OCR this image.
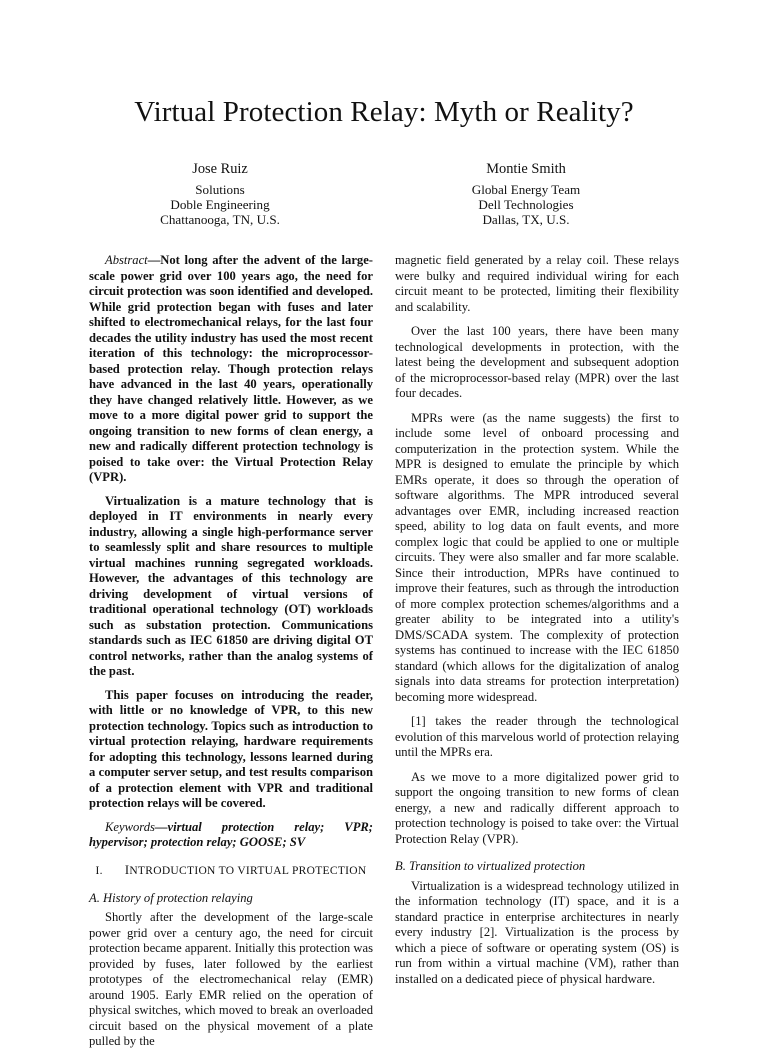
Virtual Protection Relay: Myth or Reality?
Jose Ruiz
Solutions
Doble Engineering
Chattanooga, TN, U.S.
Montie Smith
Global Energy Team
Dell Technologies
Dallas, TX, U.S.

Abstract—Not long after the advent of the large-scale power grid over 100 years ago, the need for circuit protection was soon identified and developed. While grid protection began with fuses and later shifted to electromechanical relays, for the last four decades the utility industry has used the most recent iteration of this technology: the microprocessor-based protection relay. Though protection relays have advanced in the last 40 years, operationally they have changed relatively little. However, as we move to a more digital power grid to support the ongoing transition to new forms of clean energy, a new and radically different protection technology is poised to take over: the Virtual Protection Relay (VPR).

Virtualization is a mature technology that is deployed in IT environments in nearly every industry, allowing a single high-performance server to seamlessly split and share resources to multiple virtual machines running segregated workloads. However, the advantages of this technology are driving development of virtual versions of traditional operational technology (OT) workloads such as substation protection. Communications standards such as IEC 61850 are driving digital OT control networks, rather than the analog systems of the past.

This paper focuses on introducing the reader, with little or no knowledge of VPR, to this new protection technology. Topics such as introduction to virtual protection relaying, hardware requirements for adopting this technology, lessons learned during a computer server setup, and test results comparison of a protection element with VPR and traditional protection relays will be covered.

Keywords—virtual protection relay; VPR; hypervisor; protection relay; GOOSE; SV

I. INTRODUCTION TO VIRTUAL PROTECTION
A. History of protection relaying

Shortly after the development of the large-scale power grid over a century ago, the need for circuit protection became apparent. Initially this protection was provided by fuses, later followed by the earliest prototypes of the electromechanical relay (EMR) around 1905. Early EMR relied on the operation of physical switches, which moved to break an overloaded circuit based on the physical movement of a plate pulled by the

magnetic field generated by a relay coil. These relays were bulky and required individual wiring for each circuit meant to be protected, limiting their flexibility and scalability.

Over the last 100 years, there have been many technological developments in protection, with the latest being the development and subsequent adoption of the microprocessor-based relay (MPR) over the last four decades.

MPRs were (as the name suggests) the first to include some level of onboard processing and computerization in the protection system. While the MPR is designed to emulate the principle by which EMRs operate, it does so through the operation of software algorithms. The MPR introduced several advantages over EMR, including increased reaction speed, ability to log data on fault events, and more complex logic that could be applied to one or multiple circuits. They were also smaller and far more scalable. Since their introduction, MPRs have continued to improve their features, such as through the introduction of more complex protection schemes/algorithms and a greater ability to be integrated into a utility's DMS/SCADA system. The complexity of protection systems has continued to increase with the IEC 61850 standard (which allows for the digitalization of analog signals into data streams for protection interpretation) becoming more widespread.

[1] takes the reader through the technological evolution of this marvelous world of protection relaying until the MPRs era.

As we move to a more digitalized power grid to support the ongoing transition to new forms of clean energy, a new and radically different approach to protection technology is poised to take over: the Virtual Protection Relay (VPR).

B. Transition to virtualized protection

Virtualization is a widespread technology utilized in the information technology (IT) space, and it is a standard practice in enterprise architectures in nearly every industry [2]. Virtualization is the process by which a piece of software or operating system (OS) is run from within a virtual machine (VM), rather than installed on a dedicated piece of physical hardware.
